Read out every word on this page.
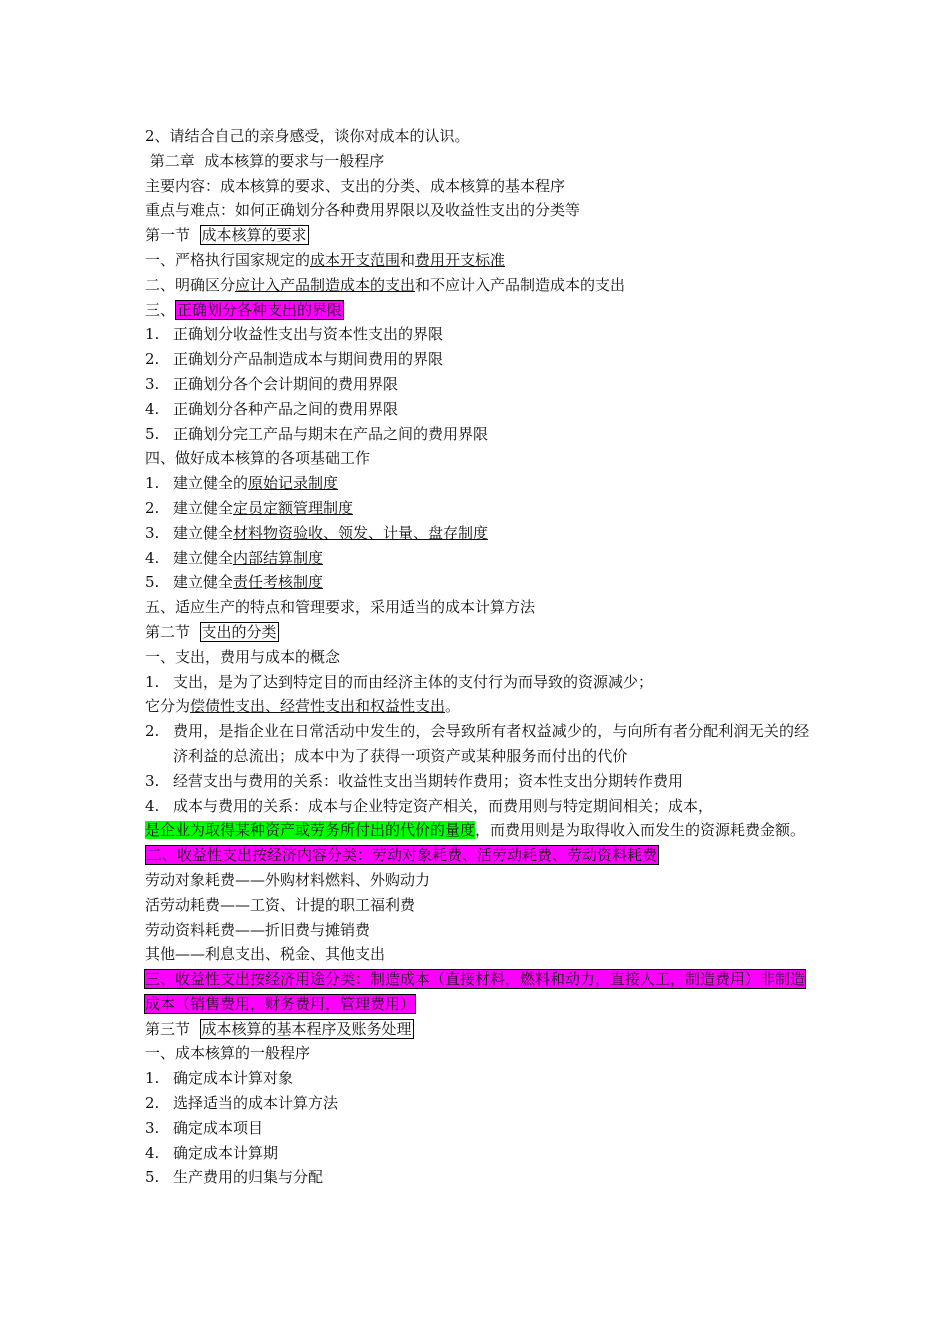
2、请结合自己的亲身感受，谈你对成本的认识。
第二章  成本核算的要求与一般程序
主要内容：成本核算的要求、支出的分类、成本核算的基本程序
重点与难点：如何正确划分各种费用界限以及收益性支出的分类等
第一节  成本核算的要求
一、严格执行国家规定的成本开支范围和费用开支标准
二、明确区分应计入产品制造成本的支出和不应计入产品制造成本的支出
三、 正确划分各种支出的界限
1. 正确划分收益性支出与资本性支出的界限
2. 正确划分产品制造成本与期间费用的界限
3. 正确划分各个会计期间的费用界限
4. 正确划分各种产品之间的费用界限
5. 正确划分完工产品与期末在产品之间的费用界限
四、做好成本核算的各项基础工作
1. 建立健全的原始记录制度
2. 建立健全定员定额管理制度
3. 建立健全材料物资验收、领发、计量、盘存制度
4. 建立健全内部结算制度
5. 建立健全责任考核制度
五、适应生产的特点和管理要求，采用适当的成本计算方法
第二节  支出的分类
一、支出，费用与成本的概念
1. 支出，是为了达到特定目的而由经济主体的支付行为而导致的资源减少；
它分为偿债性支出、经营性支出和权益性支出。
2. 费用，是指企业在日常活动中发生的，会导致所有者权益减少的，与向所有者分配利润无关的经济利益的总流出；成本中为了获得一项资产或某种服务而付出的代价
3. 经营支出与费用的关系：收益性支出当期转作费用；资本性支出分期转作费用
4. 成本与费用的关系：成本与企业特定资产相关，而费用则与特定期间相关；成本，
是企业为取得某种资产或劳务所付出的代价的量度，而费用则是为取得收入而发生的资源耗费金额。
二、收益性支出按经济内容分类：劳动对象耗费、活劳动耗费、劳动资料耗费
劳动对象耗费——外购材料燃料、外购动力
活劳动耗费——工资、计提的职工福利费
劳动资料耗费——折旧费与摊销费
其他——利息支出、税金、其他支出
三、收益性支出按经济用途分类：制造成本（直接材料，燃料和动力，直接人工，制造费用）非制造成本（销售费用，财务费用，管理费用）
第三节  成本核算的基本程序及账务处理
一、成本核算的一般程序
1. 确定成本计算对象
2. 选择适当的成本计算方法
3. 确定成本项目
4. 确定成本计算期
5. 生产费用的归集与分配
